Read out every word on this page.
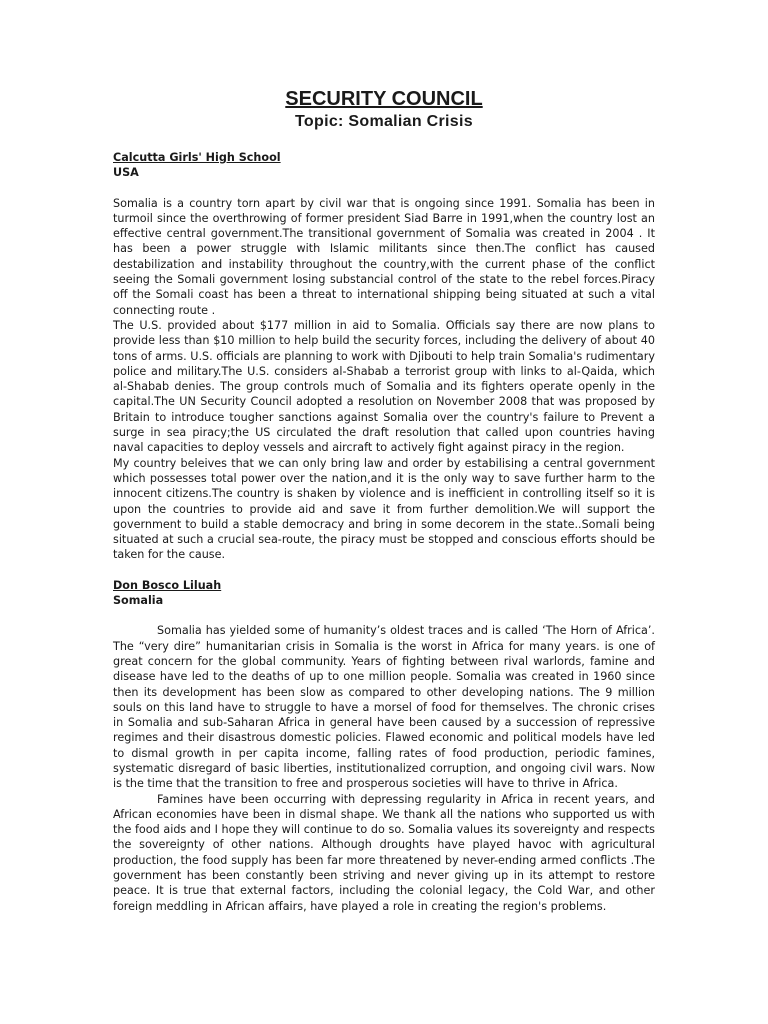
SECURITY COUNCIL
Topic: Somalian Crisis

Calcutta Girls' High School

USA

Somalia is a country torn apart by civil war that is ongoing since 1991. Somalia has been in turmoil since the overthrowing of former president Siad Barre in 1991,when the country lost an effective central government.The transitional government of Somalia was created in 2004 . It has been a power struggle with Islamic militants since then.The conflict has caused destabilization and instability throughout the country,with the current phase of the conflict seeing the Somali government losing substancial control of the state to the rebel forces.Piracy off the Somali coast has been a threat to international shipping being situated at such a vital connecting route .

The U.S. provided about $177 million in aid to Somalia. Officials say there are now plans to provide less than $10 million to help build the security forces, including the delivery of about 40 tons of arms. U.S. officials are planning to work with Djibouti to help train Somalia's rudimentary police and military.The U.S. considers al-Shabab a terrorist group with links to al-Qaida, which al-Shabab denies. The group controls much of Somalia and its fighters operate openly in the capital.The UN Security Council adopted a resolution on November 2008 that was proposed by Britain to introduce tougher sanctions against Somalia over the country's failure to Prevent a surge in sea piracy;the US circulated the draft resolution that called upon countries having naval capacities to deploy vessels and aircraft to actively fight against piracy in the region.

My country beleives that we can only bring law and order by estabilising a central government which possesses total power over the nation,and it is the only way to save further harm to the innocent citizens.The country is shaken by violence and is inefficient in controlling itself so it is upon the countries to provide aid and save it from further demolition.We will support the government to build a stable democracy and bring in some decorem in the state..Somali being situated at such a crucial sea-route, the piracy must be stopped and conscious efforts should be taken for the cause.

Don Bosco Liluah

Somalia

Somalia has yielded some of humanity’s oldest traces and is called ‘The Horn of Africa’. The “very dire” humanitarian crisis in Somalia is the worst in Africa for many years. is one of great concern for the global community. Years of fighting between rival warlords, famine and disease have led to the deaths of up to one million people. Somalia was created in 1960 since then its development has been slow as compared to other developing nations. The 9 million souls on this land have to struggle to have a morsel of food for themselves. The chronic crises in Somalia and sub-Saharan Africa in general have been caused by a succession of repressive regimes and their disastrous domestic policies. Flawed economic and political models have led to dismal growth in per capita income, falling rates of food production, periodic famines, systematic disregard of basic liberties, institutionalized corruption, and ongoing civil wars. Now is the time that the transition to free and prosperous societies will have to thrive in Africa.

Famines have been occurring with depressing regularity in Africa in recent years, and African economies have been in dismal shape. We thank all the nations who supported us with the food aids and I hope they will continue to do so. Somalia values its sovereignty and respects the sovereignty of other nations. Although droughts have played havoc with agricultural production, the food supply has been far more threatened by never-ending armed conflicts .The government has been constantly been striving and never giving up in its attempt to restore peace. It is true that external factors, including the colonial legacy, the Cold War, and other foreign meddling in African affairs, have played a role in creating the region's problems.
